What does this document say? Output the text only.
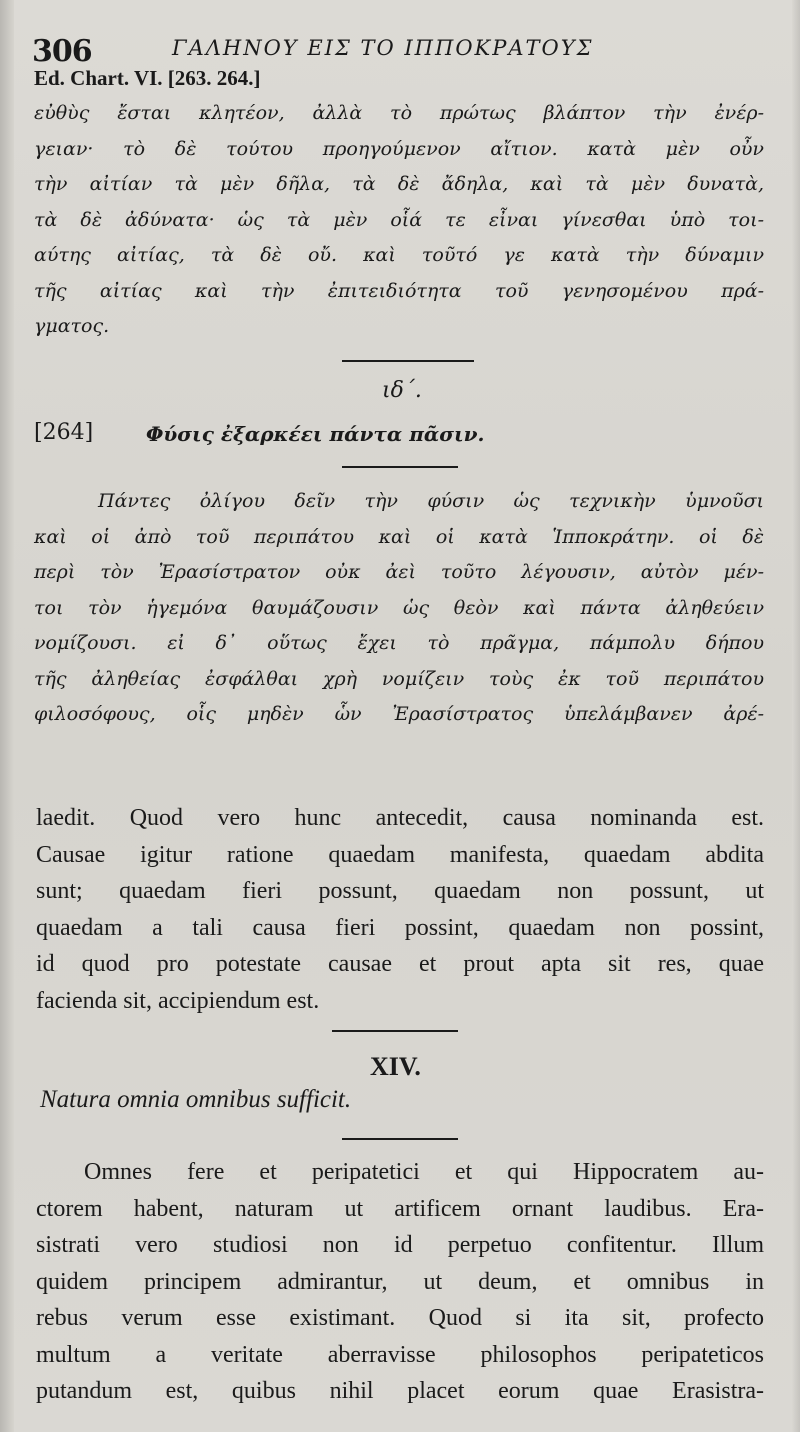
306	ΓΑΛΗΝΟΥ ΕΙΣ ΤΟ ΙΠΠΟΚΡΑΤΟΥΣ
Ed. Chart. VI. [263. 264.]
εὐθὺς ἔσται κλητέον, ἀλλὰ τὸ πρώτως βλάπτον τὴν ἐνέρ-
γειαν· τὸ δὲ τούτου προηγούμενον αἴτιον. κατὰ μὲν οὖν
τὴν αἰτίαν τὰ μὲν δῆλα, τὰ δὲ ἄδηλα, καὶ τὰ μὲν δυνατὰ,
τὰ δὲ ἀδύνατα· ὡς τὰ μὲν οἷά τε εἶναι γίνεσθαι ὑπὸ τοι-
αύτης αἰτίας, τὰ δὲ οὔ. καὶ τοῦτό γε κατὰ τὴν δύναμιν
τῆς αἰτίας καὶ τὴν ἐπιτειδιότητα τοῦ γενησομένου πρά-
γματος.
ιδ΄.
[264]	Φύσις ἐξαρκέει πάντα πᾶσιν.
Πάντες ὀλίγου δεῖν τὴν φύσιν ὡς τεχνικὴν ὑμνοῦσι
καὶ οἱ ἀπὸ τοῦ περιπάτου καὶ οἱ κατὰ Ἱπποκράτην. οἱ δὲ
περὶ τὸν Ἐρασίστρατον οὐκ ἀεὶ τοῦτο λέγουσιν, αὐτὸν μέν-
τοι τὸν ἡγεμόνα θαυμάζουσιν ὡς θεὸν καὶ πάντα ἀληθεύειν
νομίζουσι. εἰ δ᾽ οὕτως ἔχει τὸ πρᾶγμα, πάμπολυ δήπου
τῆς ἀληθείας ἐσφάλθαι χρὴ νομίζειν τοὺς ἐκ τοῦ περιπάτου
φιλοσόφους, οἷς μηδὲν ὧν Ἐρασίστρατος ὑπελάμβανεν ἀρέ-
laedit. Quod vero hunc antecedit, causa nominanda est.
Causae igitur ratione quaedam manifesta, quaedam abdita
sunt; quaedam fieri possunt, quaedam non possunt, ut
quaedam a tali causa fieri possint, quaedam non possint,
id quod pro potestate causae et prout apta sit res, quae
facienda sit, accipiendum est.
XIV.
Natura omnia omnibus sufficit.
Omnes fere et peripatetici et qui Hippocratem au-
ctorem habent, naturam ut artificem ornant laudibus. Era-
sistrati vero studiosi non id perpetuo confitentur. Illum
quidem principem admirantur, ut deum, et omnibus in
rebus verum esse existimant. Quod si ita sit, profecto
multum a veritate aberravisse philosophos peripateticos
putandum est, quibus nihil placet eorum quae Erasistra-
